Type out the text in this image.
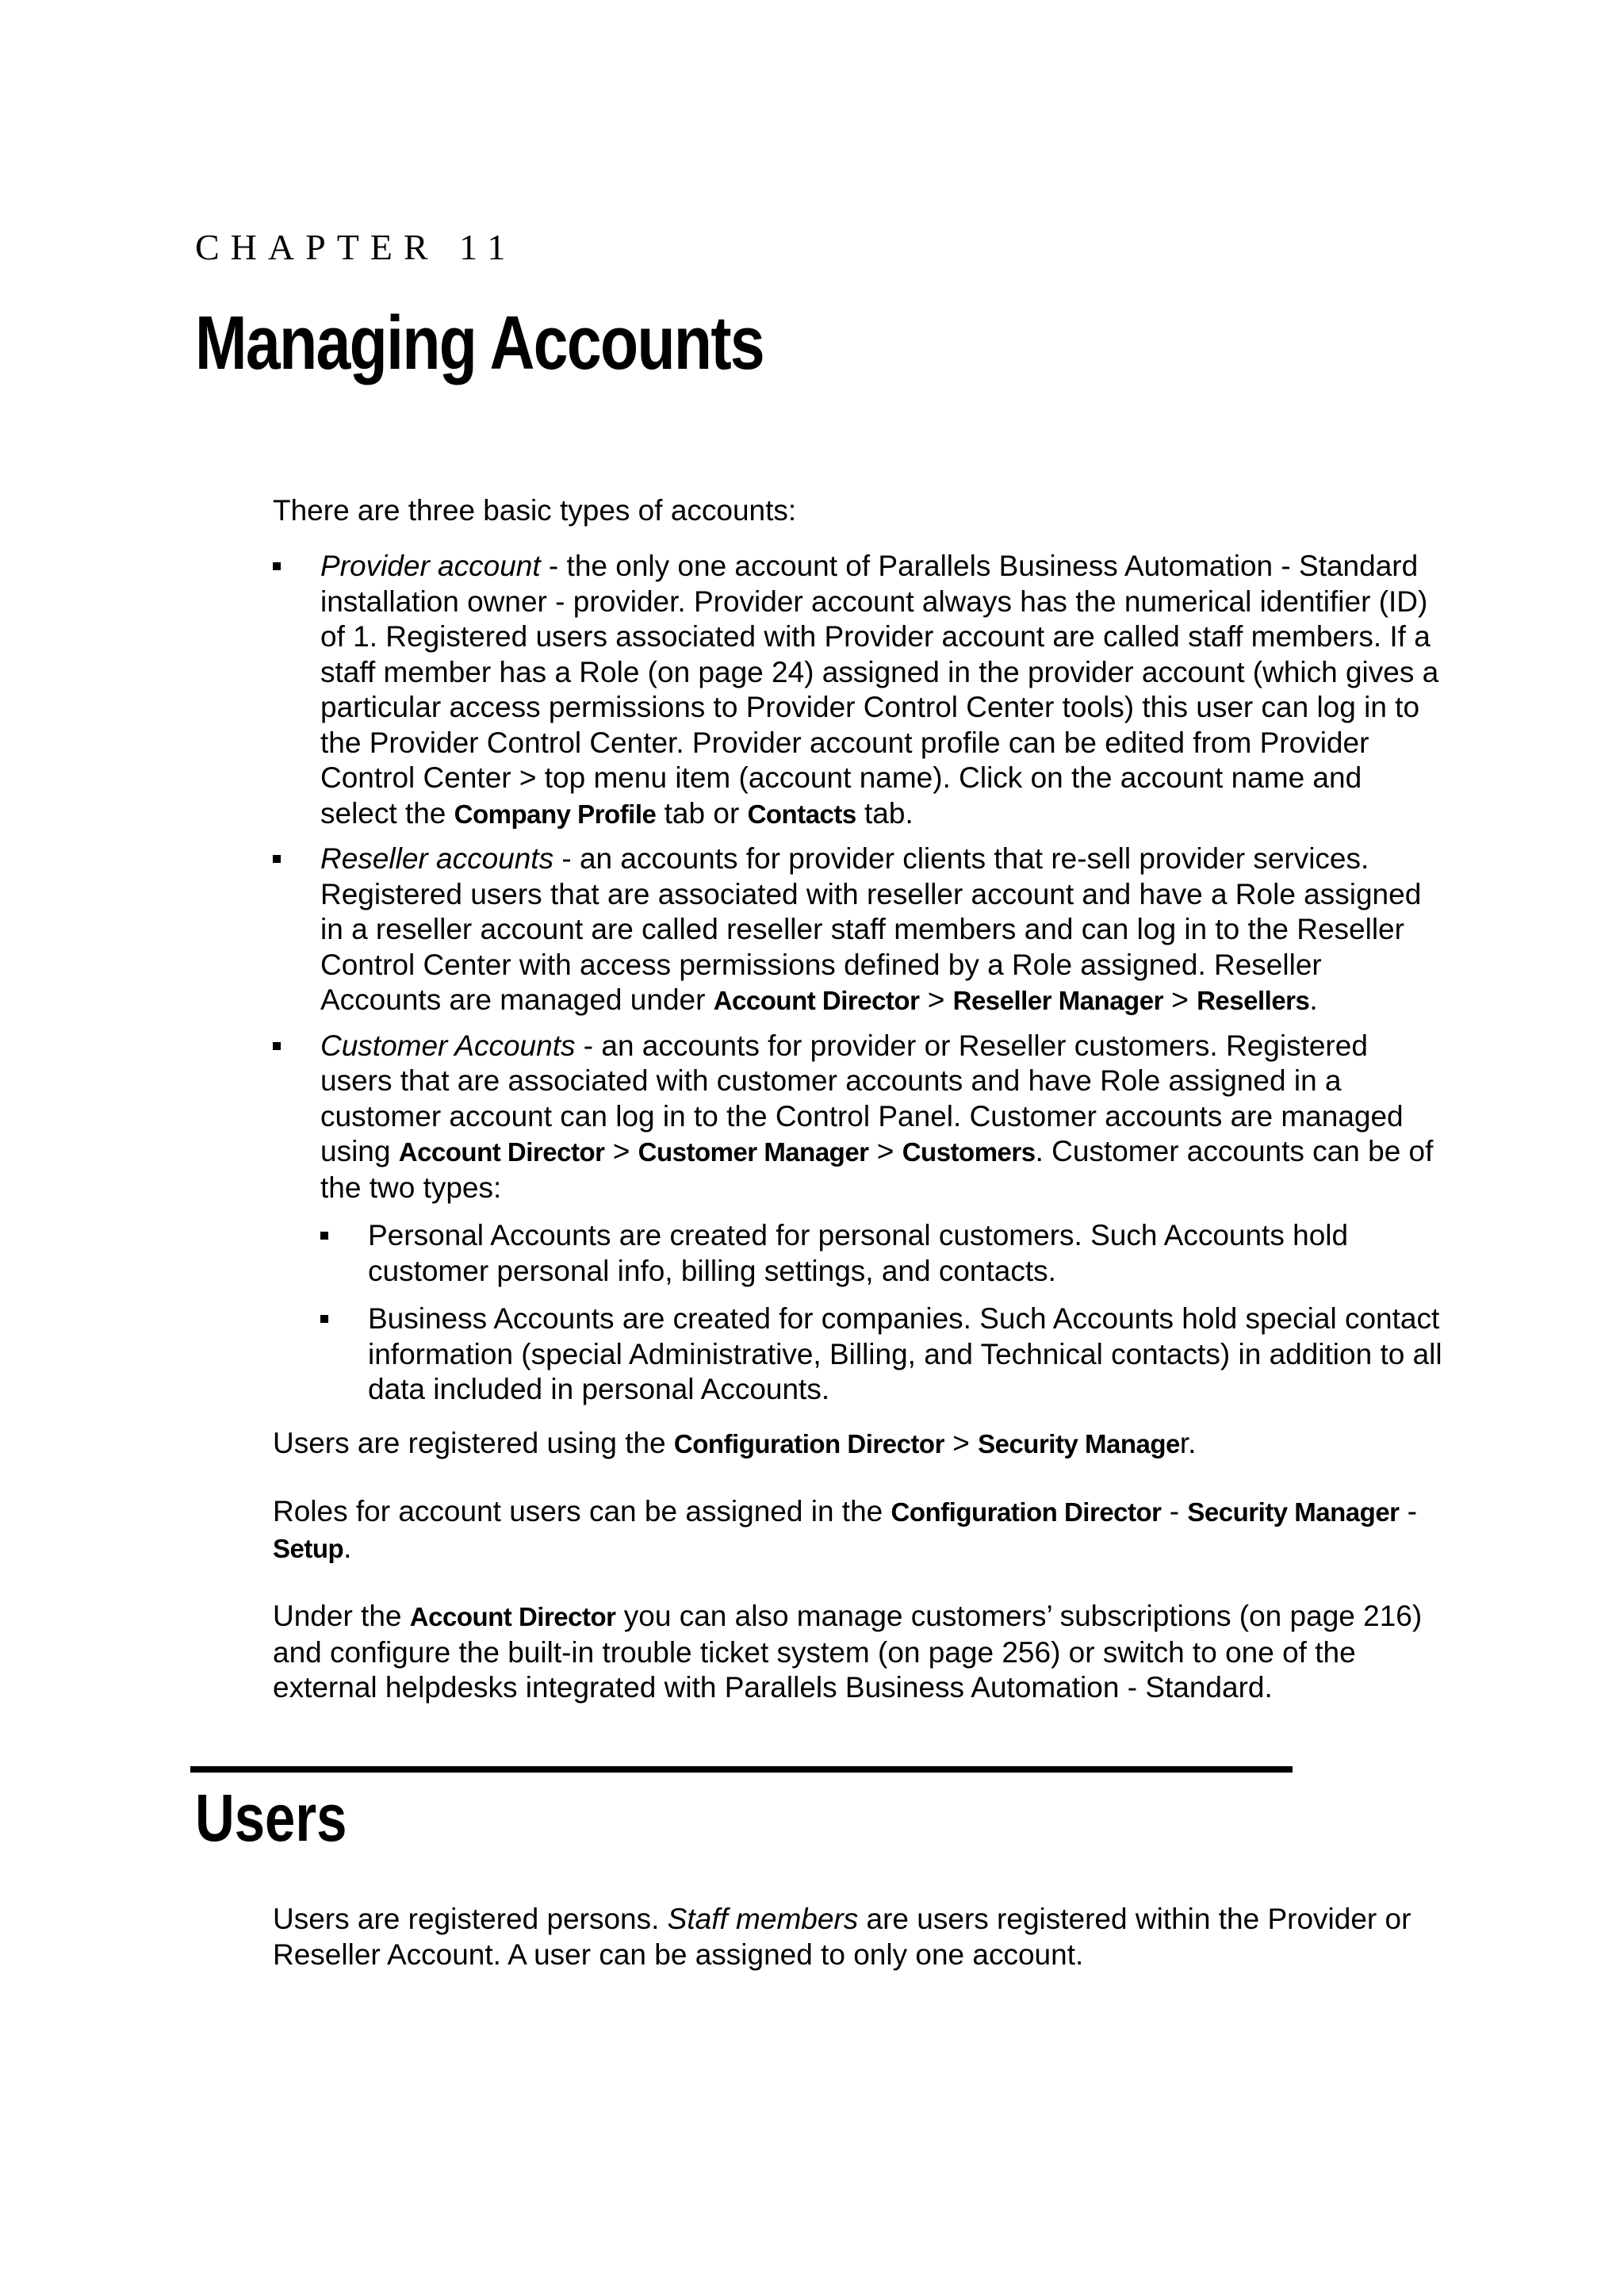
CHAPTER 11
Managing Accounts
There are three basic types of accounts:
Provider account - the only one account of Parallels Business Automation - Standard installation owner - provider. Provider account always has the numerical identifier (ID) of 1. Registered users associated with Provider account are called staff members. If a staff member has a Role (on page 24) assigned in the provider account (which gives a particular access permissions to Provider Control Center tools) this user can log in to the Provider Control Center. Provider account profile can be edited from Provider Control Center > top menu item (account name). Click on the account name and select the Company Profile tab or Contacts tab.
Reseller accounts - an accounts for provider clients that re-sell provider services. Registered users that are associated with reseller account and have a Role assigned in a reseller account are called reseller staff members and can log in to the Reseller Control Center with access permissions defined by a Role assigned. Reseller Accounts are managed under Account Director > Reseller Manager > Resellers.
Customer Accounts - an accounts for provider or Reseller customers. Registered users that are associated with customer accounts and have Role assigned in a customer account can log in to the Control Panel. Customer accounts are managed using Account Director > Customer Manager > Customers. Customer accounts can be of the two types:
Personal Accounts are created for personal customers. Such Accounts hold customer personal info, billing settings, and contacts.
Business Accounts are created for companies. Such Accounts hold special contact information (special Administrative, Billing, and Technical contacts) in addition to all data included in personal Accounts.
Users are registered using the Configuration Director > Security Manager.
Roles for account users can be assigned in the Configuration Director - Security Manager - Setup.
Under the Account Director you can also manage customers’ subscriptions (on page 216) and configure the built-in trouble ticket system (on page 256) or switch to one of the external helpdesks integrated with Parallels Business Automation - Standard.
Users
Users are registered persons. Staff members are users registered within the Provider or Reseller Account. A user can be assigned to only one account.
